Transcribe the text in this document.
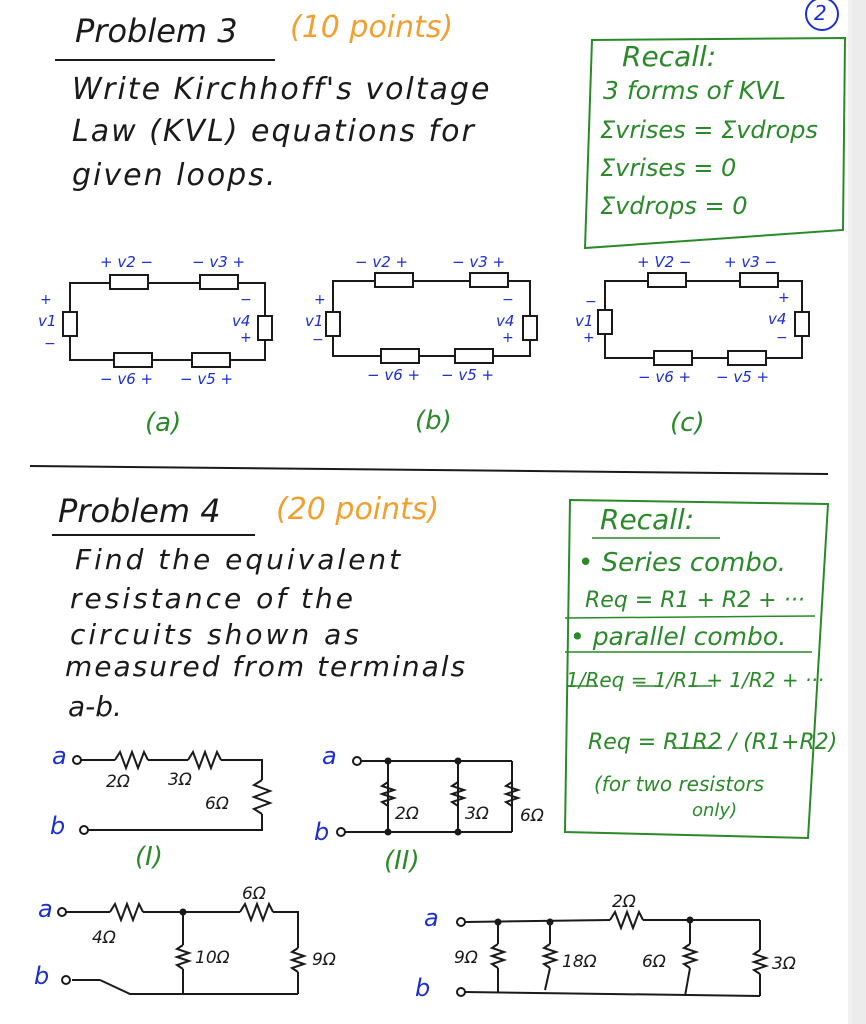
2
Problem 3 (10 points)
Write Kirchhoff's voltage
Law (KVL) equations for
given loops.
Recall:
3 forms of KVL
Σvrises = Σvdrops
Σvrises = 0
Σvdrops = 0
+ v2 −	− v3 +
+
v1
−
−
v4
+
− v6 + − v5 +
(a)
− v2 +	− v3 +
+
v1
−
−
v4
+
− v6 + − v5 +
(b)
+ V2 − + v3 −
−
v1
+
+
v4
−
− v6 + − v5 +
(c)
Problem 4 (20 points)
Find the equivalent
resistance of the
circuits shown as
measured from terminals
a-b.
Recall:
• Series combo.
Req = R1 + R2 + ···
• parallel combo.
1/Req = 1/R1 + 1/R2 + ···
Req = R1R2 / (R1+R2)
(for two resistors
only)
a
b
2Ω 3Ω
6Ω
(I)
a
b
2Ω	3Ω 6Ω
(II)
a
b
4Ω
10Ω
6Ω
9Ω
a
b
9Ω	18Ω
2Ω
6Ω	3Ω
